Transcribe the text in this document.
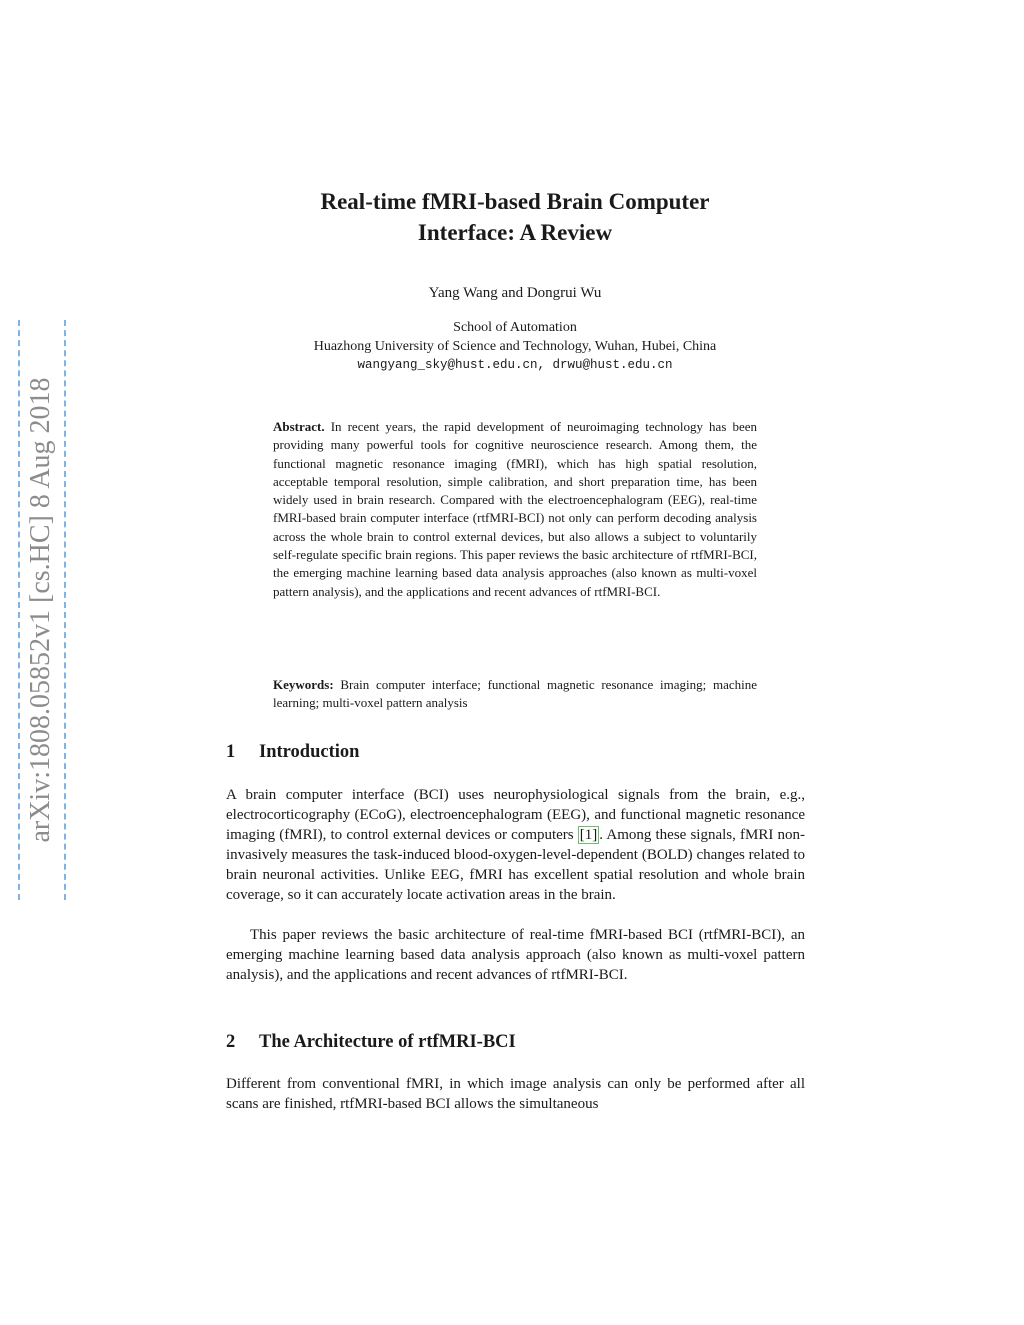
arXiv:1808.05852v1 [cs.HC] 8 Aug 2018
Real-time fMRI-based Brain Computer
Interface: A Review
Yang Wang and Dongrui Wu
School of Automation
Huazhong University of Science and Technology, Wuhan, Hubei, China
wangyang_sky@hust.edu.cn, drwu@hust.edu.cn

Abstract. In recent years, the rapid development of neuroimaging technology has been providing many powerful tools for cognitive neuroscience research. Among them, the functional magnetic resonance imaging (fMRI), which has high spatial resolution, acceptable temporal resolution, simple calibration, and short preparation time, has been widely used in brain research. Compared with the electroencephalogram (EEG), real-time fMRI-based brain computer interface (rtfMRI-BCI) not only can perform decoding analysis across the whole brain to control external devices, but also allows a subject to voluntarily self-regulate specific brain regions. This paper reviews the basic architecture of rtfMRI-BCI, the emerging machine learning based data analysis approaches (also known as multi-voxel pattern analysis), and the applications and recent advances of rtfMRI-BCI.

Keywords: Brain computer interface; functional magnetic resonance imaging; machine learning; multi-voxel pattern analysis

1 Introduction

A brain computer interface (BCI) uses neurophysiological signals from the brain, e.g., electrocorticography (ECoG), electroencephalogram (EEG), and functional magnetic resonance imaging (fMRI), to control external devices or computers [1] . Among these signals, fMRI non-invasively measures the task-induced blood-oxygen-level-dependent (BOLD) changes related to brain neuronal activities. Unlike EEG, fMRI has excellent spatial resolution and whole brain coverage, so it can accurately locate activation areas in the brain.

This paper reviews the basic architecture of real-time fMRI-based BCI (rtfMRI-BCI), an emerging machine learning based data analysis approach (also known as multi-voxel pattern analysis), and the applications and recent advances of rtfMRI-BCI.

2 The Architecture of rtfMRI-BCI

Different from conventional fMRI, in which image analysis can only be performed after all scans are finished, rtfMRI-based BCI allows the simultaneous
